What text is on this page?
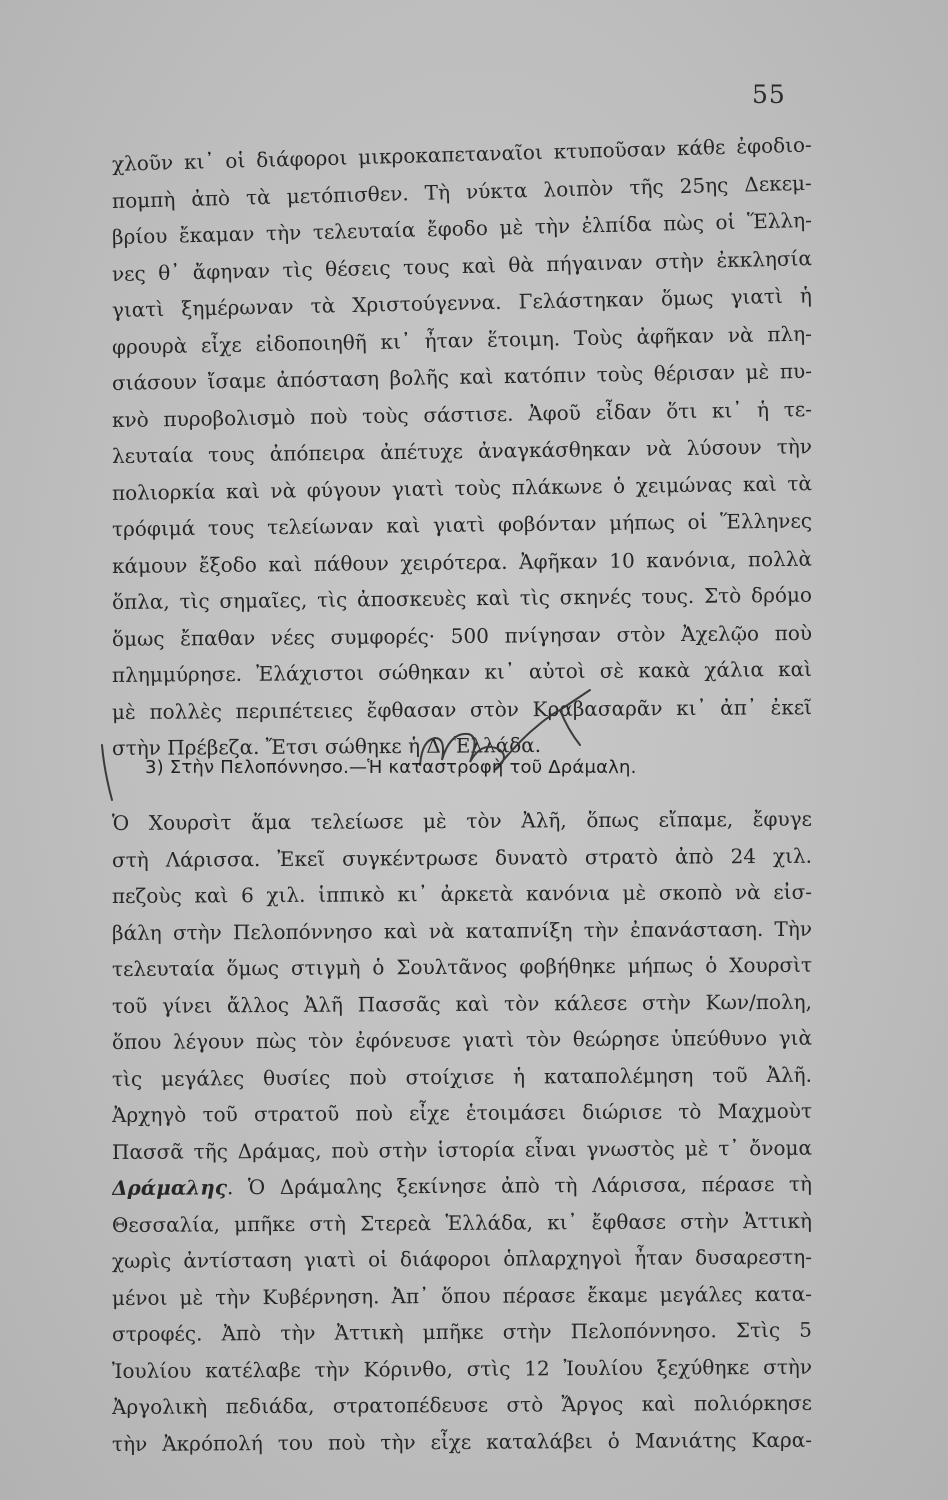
55
χλοῦν κι᾽ οἱ διάφοροι μικροκαπεταναῖοι κτυποῦσαν κάθε ἐφοδιο-
πομπὴ ἀπὸ τὰ μετόπισθεν. Τὴ νύκτα λοιπὸν τῆς 25ης Δεκεμ-
βρίου ἔκαμαν τὴν τελευταία ἔφοδο μὲ τὴν ἐλπίδα πὼς οἱ Ἕλλη-
νες θ᾽ ἄφηναν τὶς θέσεις τους καὶ θὰ πήγαιναν στὴν ἐκκλησία
γιατὶ ξημέρωναν τὰ Χριστούγεννα. Γελάστηκαν ὅμως γιατὶ ἡ
φρουρὰ εἶχε εἰδοποιηθῆ κι᾽ ἦταν ἕτοιμη. Τοὺς ἀφῆκαν νὰ πλη-
σιάσουν ἴσαμε ἀπόσταση βολῆς καὶ κατόπιν τοὺς θέρισαν μὲ πυ-
κνὸ πυροβολισμὸ ποὺ τοὺς σάστισε. Ἀφοῦ εἶδαν ὅτι κι᾽ ἡ τε-
λευταία τους ἀπόπειρα ἀπέτυχε ἀναγκάσθηκαν νὰ λύσουν τὴν
πολιορκία καὶ νὰ φύγουν γιατὶ τοὺς πλάκωνε ὁ χειμώνας καὶ τὰ
τρόφιμά τους τελείωναν καὶ γιατὶ φοβόνταν μήπως οἱ Ἕλληνες
κάμουν ἔξοδο καὶ πάθουν χειρότερα. Ἀφῆκαν 10 κανόνια, πολλὰ
ὅπλα, τὶς σημαῖες, τὶς ἀποσκευὲς καὶ τὶς σκηνές τους. Στὸ δρόμο
ὅμως ἔπαθαν νέες συμφορές· 500 πνίγησαν στὸν Ἀχελῷο ποὺ
πλημμύρησε. Ἐλάχιστοι σώθηκαν κι᾽ αὐτοὶ σὲ κακὰ χάλια καὶ
μὲ πολλὲς περιπέτειες ἔφθασαν στὸν Κραβασαρᾶν κι᾽ ἀπ᾽ ἐκεῖ
στὴν Πρέβεζα. Ἔτσι σώθηκε ἡ Δ. Ἑλλάδα.
3) Στὴν Πελοπόννησο.—Ἡ καταστροφὴ τοῦ Δράμαλη.
Ὁ Χουρσὶτ ἅμα τελείωσε μὲ τὸν Ἀλῆ, ὅπως εἴπαμε, ἔφυγε
στὴ Λάρισσα. Ἐκεῖ συγκέντρωσε δυνατὸ στρατὸ ἀπὸ 24 χιλ.
πεζοὺς καὶ 6 χιλ. ἱππικὸ κι᾽ ἀρκετὰ κανόνια μὲ σκοπὸ νὰ εἰσ-
βάλη στὴν Πελοπόννησο καὶ νὰ καταπνίξη τὴν ἐπανάσταση. Τὴν
τελευταία ὅμως στιγμὴ ὁ Σουλτᾶνος φοβήθηκε μήπως ὁ Χουρσὶτ
τοῦ γίνει ἄλλος Ἀλῆ Πασσᾶς καὶ τὸν κάλεσε στὴν Κων/πολη,
ὅπου λέγουν πὼς τὸν ἐφόνευσε γιατὶ τὸν θεώρησε ὑπεύθυνο γιὰ
τὶς μεγάλες θυσίες ποὺ στοίχισε ἡ καταπολέμηση τοῦ Ἀλῆ.
Ἀρχηγὸ τοῦ στρατοῦ ποὺ εἶχε ἑτοιμάσει διώρισε τὸ Μαχμοὺτ
Πασσᾶ τῆς Δράμας, ποὺ στὴν ἱστορία εἶναι γνωστὸς μὲ τ᾽ ὄνομα
Δράμαλης. Ὁ Δράμαλης ξεκίνησε ἀπὸ τὴ Λάρισσα, πέρασε τὴ
Θεσσαλία, μπῆκε στὴ Στερεὰ Ἑλλάδα, κι᾽ ἔφθασε στὴν Ἀττικὴ
χωρὶς ἀντίσταση γιατὶ οἱ διάφοροι ὁπλαρχηγοὶ ἦταν δυσαρεστη-
μένοι μὲ τὴν Κυβέρνηση. Ἀπ᾽ ὅπου πέρασε ἔκαμε μεγάλες κατα-
στροφές. Ἀπὸ τὴν Ἀττικὴ μπῆκε στὴν Πελοπόννησο. Στὶς 5
Ἰουλίου κατέλαβε τὴν Κόρινθο, στὶς 12 Ἰουλίου ξεχύθηκε στὴν
Ἀργολικὴ πεδιάδα, στρατοπέδευσε στὸ Ἄργος καὶ πολιόρκησε
τὴν Ἀκρόπολή του ποὺ τὴν εἶχε καταλάβει ὁ Μανιάτης Καρα-
